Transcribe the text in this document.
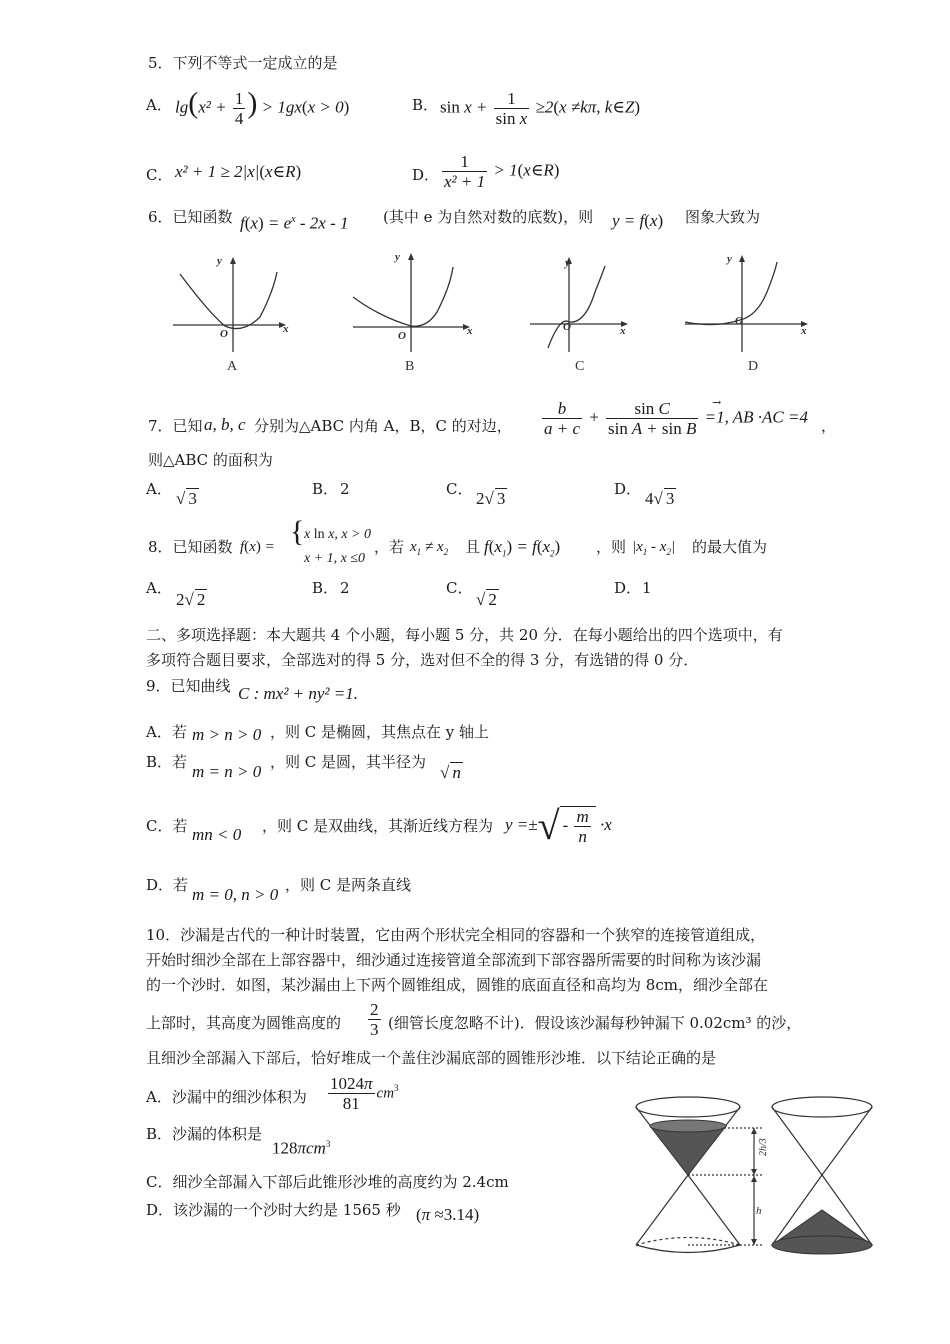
5．下列不等式一定成立的是
A． $\lg(x^2 + \frac{1}{4}$ ) > 1gx(x > 0)	B． $\sin x + \frac{1}{\text{sin x}} \ge 2(x \ne k\pi$, k∈Z)
C． x² + 1 ≥ 2|x|(x∈R)	D． $\frac{1}{\text{x² + 1}}$ > 1(x∈R)
6．已知函数 $f(x) = e^x - 2x - 1$ (其中 e 为自然对数的底数)，则 y = f(x) 图象大致为
y
x
O
y
x
O
y
x
O
y
x
O
A	B	C	D
7．已知 a, b, c 分别为△ABC 内角 A，B，C 的对边， $\frac{b}{a + c} + \frac{\text{sin C}}{\text{sin A + sin B}} =1$, AB ·AC =4
→
，
则△ABC 的面积为
A． √ 3	B． 2	C． 2√ 3	D． 4√ 3
8．已知函数 f(x) = { x ln x, x > 0
x + 1, x ≤0
，若 $x_1 \ne x_2$ 且 $f(x_1) = f(x_2)$ ，则 $|x_1 - x_2|$ 的最大值为
A．
2√ 2
B． 2	C．
√ 2
D． 1
二、多项选择题：本大题共 4 个小题，每小题 5 分，共 20 分．在每小题给出的四个选项中，有
多项符合题目要求，全部选对的得 5 分，选对但不全的得 3 分，有选错的得 0 分．
9．已知曲线 C : mx² + ny² =1.
A．若 m > n > 0 ，则 C 是椭圆，其焦点在 y 轴上
B．若 m = n > 0 ，则 C 是圆，其半径为
√ n
C．若 mn < 0 ，则 C 是双曲线，其渐近线方程为 y =±√ - $\frac{m}{n} \cdot x$
D．若 m = 0, n > 0 ，则 C 是两条直线
10．沙漏是古代的一种计时装置，它由两个形状完全相同的容器和一个狭窄的连接管道组成，
开始时细沙全部在上部容器中，细沙通过连接管道全部流到下部容器所需要的时间称为该沙漏
的一个沙时．如图，某沙漏由上下两个圆锥组成，圆锥的底面直径和高均为 8cm，细沙全部在
上部时，其高度为圆锥高度的 $\frac{2}{3}$ (细管长度忽略不计)．假设该沙漏每秒钟漏下 0.02cm³ 的沙，
且细沙全部漏入下部后，恰好堆成一个盖住沙漏底部的圆锥形沙堆．以下结论正确的是
A．沙漏中的细沙体积为 $\frac{1024\pi}{81} cm^3$
B．沙漏的体积是
128πcm$^3$
C．细沙全部漏入下部后此锥形沙堆的高度约为 2.4cm
D．该沙漏的一个沙时大约是 1565 秒 (π ≈3.14)
2h/3
h
